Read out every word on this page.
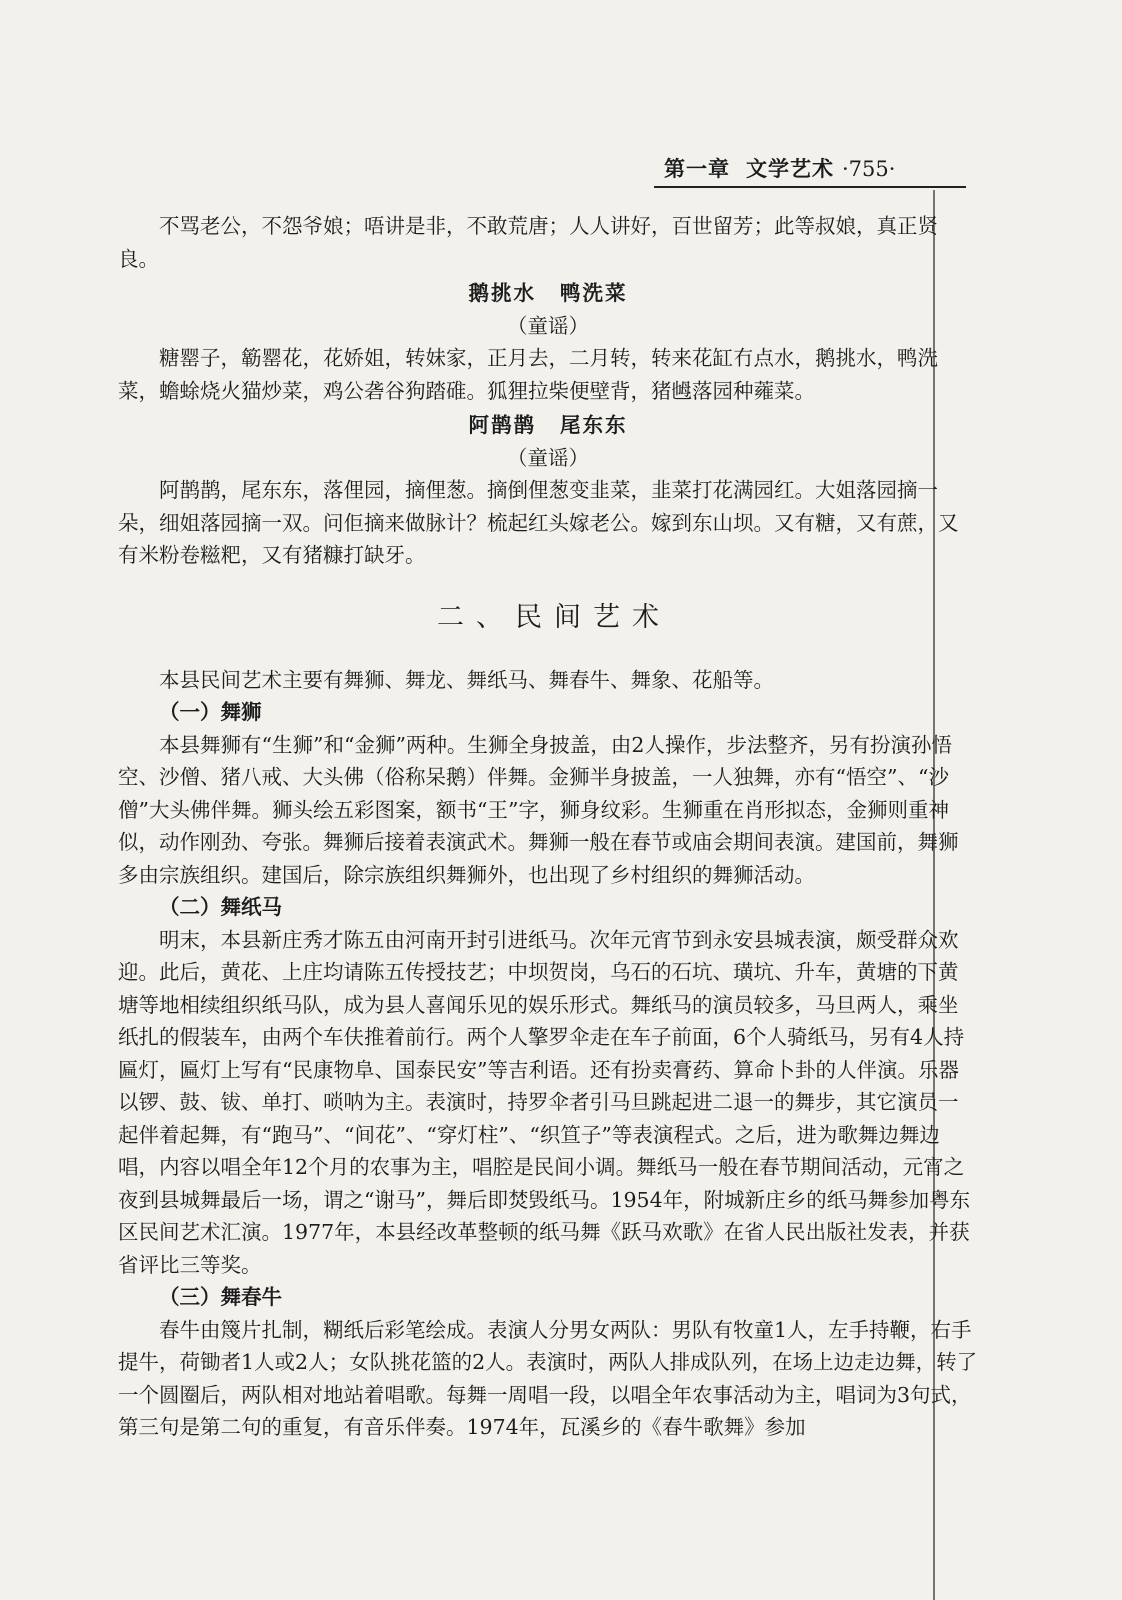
第一章 文学艺术 ·755·

不骂老公，不怨爷娘；唔讲是非，不敢荒唐；人人讲好，百世留芳；此等叔娘，真正贤良。

鹅挑水 鸭洗菜

（童谣）

糖罂子，簕罂花，花娇姐，转妹家，正月去，二月转，转来花缸冇点水，鹅挑水，鸭洗菜，蟾蜍烧火猫炒菜，鸡公砻谷狗踏碓。狐狸拉柴便壁背，猪乸落园种蕹菜。

阿鹊鹊 尾东东

（童谣）

阿鹊鹊，尾东东，落俚园，摘俚葱。摘倒俚葱变韭菜，韭菜打花满园红。大姐落园摘一朵，细姐落园摘一双。问佢摘来做脉计？梳起红头嫁老公。嫁到东山坝。又有糖，又有蔗，又有米粉卷糍粑，又有猪糠打缺牙。

二、民间艺术

本县民间艺术主要有舞狮、舞龙、舞纸马、舞春牛、舞象、花船等。

（一）舞狮

本县舞狮有“生狮”和“金狮”两种。生狮全身披盖，由2人操作，步法整齐，另有扮演孙悟空、沙僧、猪八戒、大头佛（俗称呆鹅）伴舞。金狮半身披盖，一人独舞，亦有“悟空”、“沙僧”大头佛伴舞。狮头绘五彩图案，额书“王”字，狮身纹彩。生狮重在肖形拟态，金狮则重神似，动作刚劲、夸张。舞狮后接着表演武术。舞狮一般在春节或庙会期间表演。建国前，舞狮多由宗族组织。建国后，除宗族组织舞狮外，也出现了乡村组织的舞狮活动。

（二）舞纸马

明末，本县新庄秀才陈五由河南开封引进纸马。次年元宵节到永安县城表演，颇受群众欢迎。此后，黄花、上庄均请陈五传授技艺；中坝贺岗，乌石的石坑、璜坑、升车，黄塘的下黄塘等地相续组织纸马队，成为县人喜闻乐见的娱乐形式。舞纸马的演员较多，马旦两人，乘坐纸扎的假装车，由两个车伕推着前行。两个人擎罗伞走在车子前面，6个人骑纸马，另有4人持匾灯，匾灯上写有“民康物阜、国泰民安”等吉利语。还有扮卖膏药、算命卜卦的人伴演。乐器以锣、鼓、钹、单打、唢呐为主。表演时，持罗伞者引马旦跳起进二退一的舞步，其它演员一起伴着起舞，有“跑马”、“间花”、“穿灯柱”、“织笪子”等表演程式。之后，进为歌舞边舞边唱，内容以唱全年12个月的农事为主，唱腔是民间小调。舞纸马一般在春节期间活动，元宵之夜到县城舞最后一场，谓之“谢马”，舞后即焚毁纸马。1954年，附城新庄乡的纸马舞参加粤东区民间艺术汇演。1977年，本县经改革整顿的纸马舞《跃马欢歌》在省人民出版社发表，并获省评比三等奖。

（三）舞春牛

春牛由篾片扎制，糊纸后彩笔绘成。表演人分男女两队：男队有牧童1人，左手持鞭，右手提牛，荷锄者1人或2人；女队挑花篮的2人。表演时，两队人排成队列，在场上边走边舞，转了一个圆圈后，两队相对地站着唱歌。每舞一周唱一段，以唱全年农事活动为主，唱词为3句式，第三句是第二句的重复，有音乐伴奏。1974年，瓦溪乡的《春牛歌舞》参加
